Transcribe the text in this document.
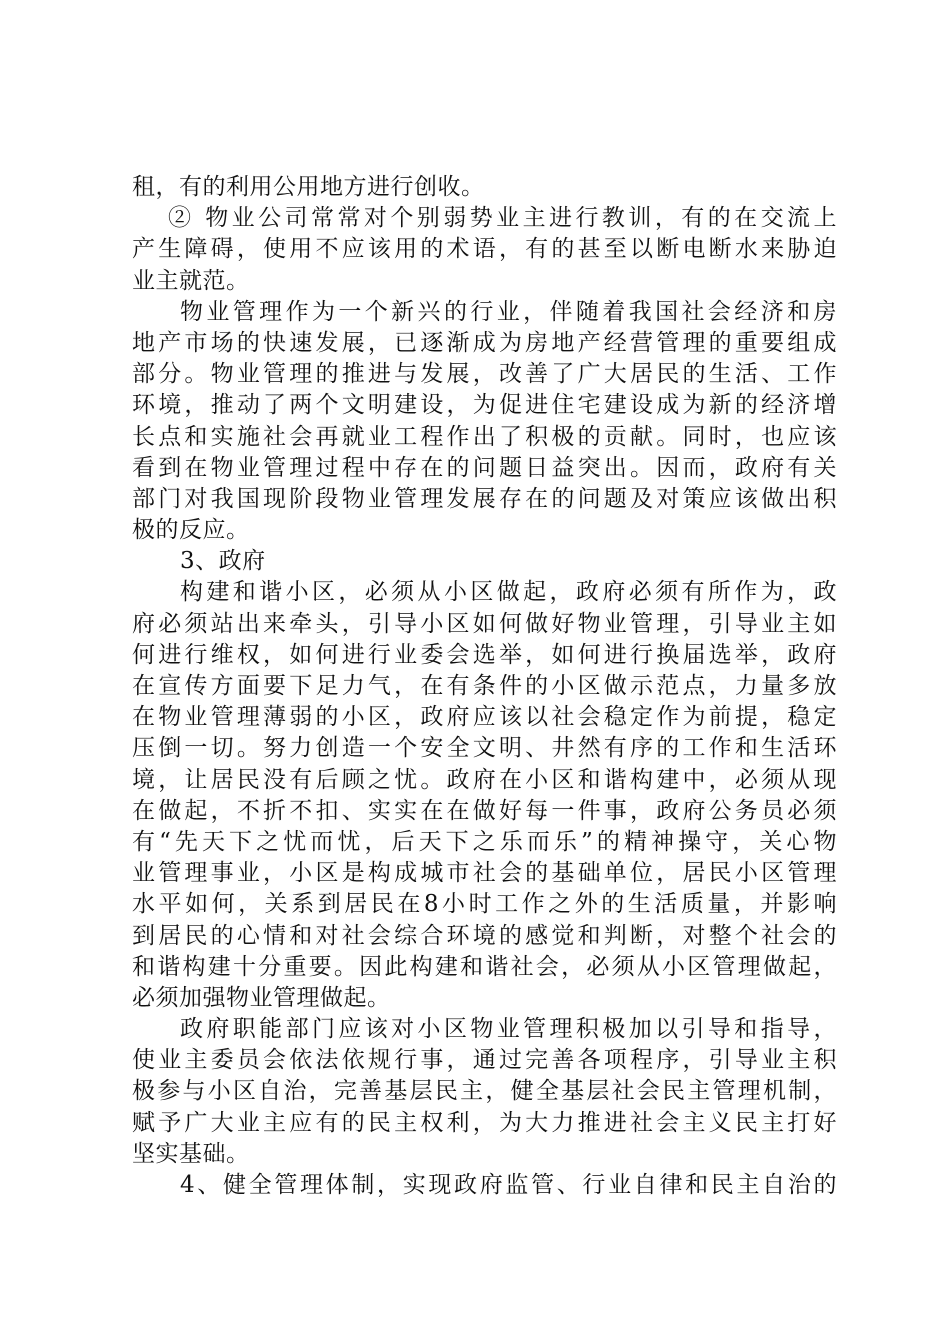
租，有的利用公用地方进行创收。
② 物业公司常常对个别弱势业主进行教训，有的在交流上
产生障碍，使用不应该用的术语，有的甚至以断电断水来胁迫
业主就范。
物业管理作为一个新兴的行业，伴随着我国社会经济和房
地产市场的快速发展，已逐渐成为房地产经营管理的重要组成
部分。物业管理的推进与发展，改善了广大居民的生活、工作
环境，推动了两个文明建设，为促进住宅建设成为新的经济增
长点和实施社会再就业工程作出了积极的贡献。同时，也应该
看到在物业管理过程中存在的问题日益突出。因而，政府有关
部门对我国现阶段物业管理发展存在的问题及对策应该做出积
极的反应。
3、政府
构建和谐小区，必须从小区做起，政府必须有所作为，政
府必须站出来牵头，引导小区如何做好物业管理，引导业主如
何进行维权，如何进行业委会选举，如何进行换届选举，政府
在宣传方面要下足力气，在有条件的小区做示范点，力量多放
在物业管理薄弱的小区，政府应该以社会稳定作为前提，稳定
压倒一切。努力创造一个安全文明、井然有序的工作和生活环
境，让居民没有后顾之忧。政府在小区和谐构建中，必须从现
在做起，不折不扣、实实在在做好每一件事，政府公务员必须
有“先天下之忧而忧，后天下之乐而乐”的精神操守，关心物
业管理事业，小区是构成城市社会的基础单位，居民小区管理
水平如何，关系到居民在8小时工作之外的生活质量，并影响
到居民的心情和对社会综合环境的感觉和判断，对整个社会的
和谐构建十分重要。因此构建和谐社会，必须从小区管理做起，
必须加强物业管理做起。
政府职能部门应该对小区物业管理积极加以引导和指导，
使业主委员会依法依规行事，通过完善各项程序，引导业主积
极参与小区自治，完善基层民主，健全基层社会民主管理机制，
赋予广大业主应有的民主权利，为大力推进社会主义民主打好
坚实基础。
4、健全管理体制，实现政府监管、行业自律和民主自治的
